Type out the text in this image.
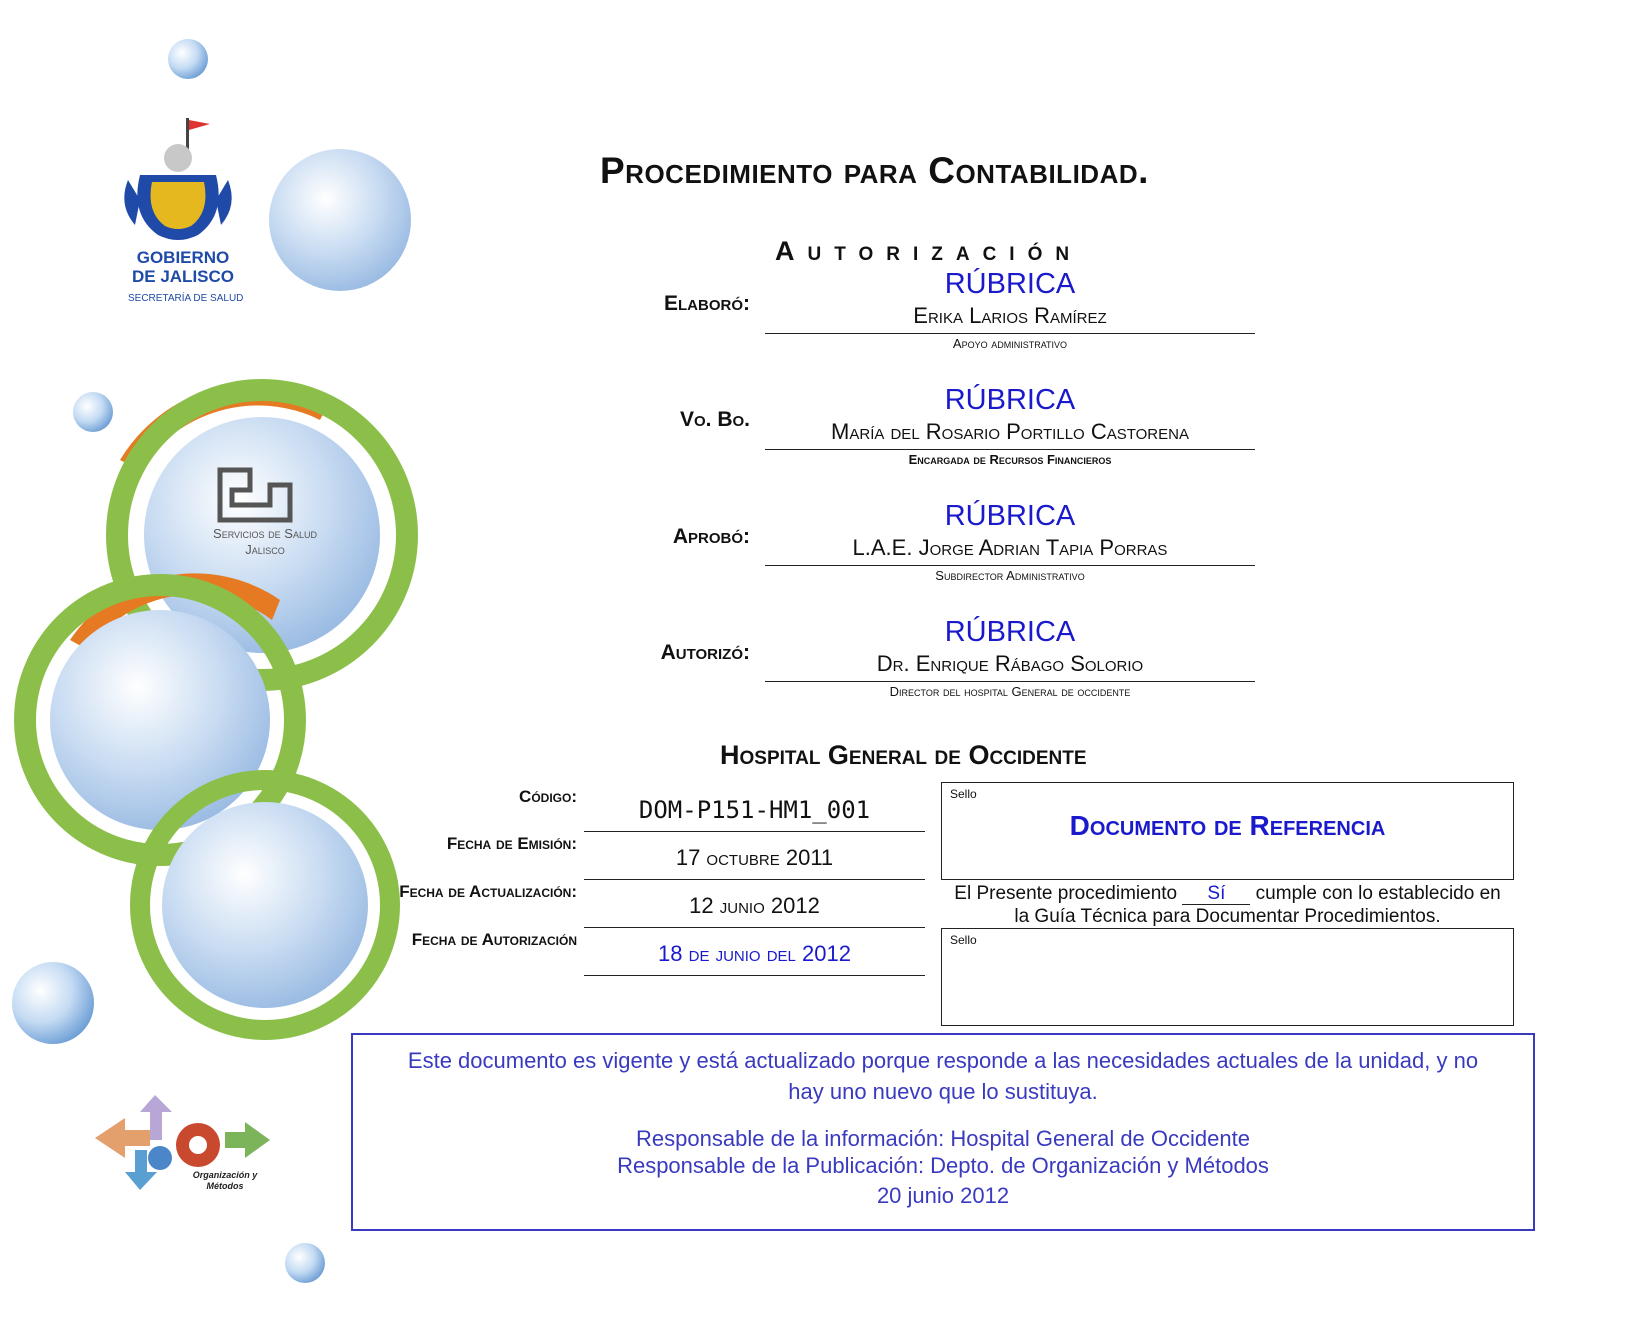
GOBIERNO
DE JALISCO
SECRETARÍA DE SALUD
Servicios de Salud
Jalisco
Organización y
Métodos
Procedimiento para Contabilidad.
Autorización
Elaboró:
RÚBRICA
Erika Larios Ramírez
Apoyo administrativo
Vo. Bo.
RÚBRICA
María del Rosario Portillo Castorena
Encargada de Recursos Financieros
Aprobó:
RÚBRICA
L.A.E. Jorge Adrian Tapia Porras
Subdirector Administrativo
Autorizó:
RÚBRICA
Dr. Enrique Rábago Solorio
Director del hospital General de occidente
Hospital General de Occidente
Código:	DOM-P151-HM1_001
Fecha de Emisión:
17 octubre 2011
Fecha de Actualización:
12 junio 2012
Fecha de Autorización
18 de junio del 2012
Sello
Documento de Referencia
El Presente procedimiento Sí cumple con lo establecido en
la Guía Técnica para Documentar Procedimientos.
Sello
Este documento es vigente y está actualizado porque responde a las necesidades actuales de la unidad, y no
hay uno nuevo que lo sustituya.
Responsable de la información: Hospital General de Occidente
Responsable de la Publicación: Depto. de Organización y Métodos
20 junio 2012
